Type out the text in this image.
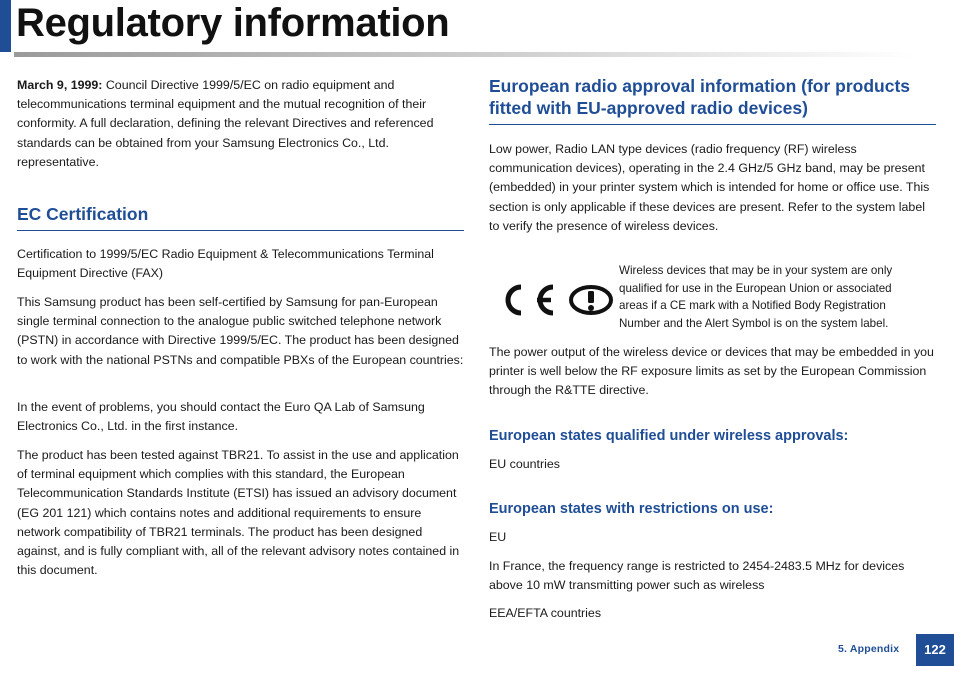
Regulatory information

March 9, 1999: Council Directive 1999/5/EC on radio equipment and telecommunications terminal equipment and the mutual recognition of their conformity. A full declaration, defining the relevant Directives and referenced standards can be obtained from your Samsung Electronics Co., Ltd. representative.

EC Certification

Certification to 1999/5/EC Radio Equipment & Telecommunications Terminal Equipment Directive (FAX)

This Samsung product has been self-certified by Samsung for pan-European single terminal connection to the analogue public switched telephone network (PSTN) in accordance with Directive 1999/5/EC. The product has been designed to work with the national PSTNs and compatible PBXs of the European countries:

In the event of problems, you should contact the Euro QA Lab of Samsung Electronics Co., Ltd. in the first instance.

The product has been tested against TBR21. To assist in the use and application of terminal equipment which complies with this standard, the European Telecommunication Standards Institute (ETSI) has issued an advisory document (EG 201 121) which contains notes and additional requirements to ensure network compatibility of TBR21 terminals. The product has been designed against, and is fully compliant with, all of the relevant advisory notes contained in this document.

European radio approval information (for products fitted with EU-approved radio devices)

Low power, Radio LAN type devices (radio frequency (RF) wireless communication devices), operating in the 2.4 GHz/5 GHz band, may be present (embedded) in your printer system which is intended for home or office use. This section is only applicable if these devices are present. Refer to the system label to verify the presence of wireless devices.

Wireless devices that may be in your system are only qualified for use in the European Union or associated areas if a CE mark with a Notified Body Registration Number and the Alert Symbol is on the system label.

The power output of the wireless device or devices that may be embedded in you printer is well below the RF exposure limits as set by the European Commission through the R&TTE directive.

European states qualified under wireless approvals:

EU countries

European states with restrictions on use:

EU

In France, the frequency range is restricted to 2454-2483.5 MHz for devices above 10 mW transmitting power such as wireless

EEA/EFTA countries

5. Appendix	122
